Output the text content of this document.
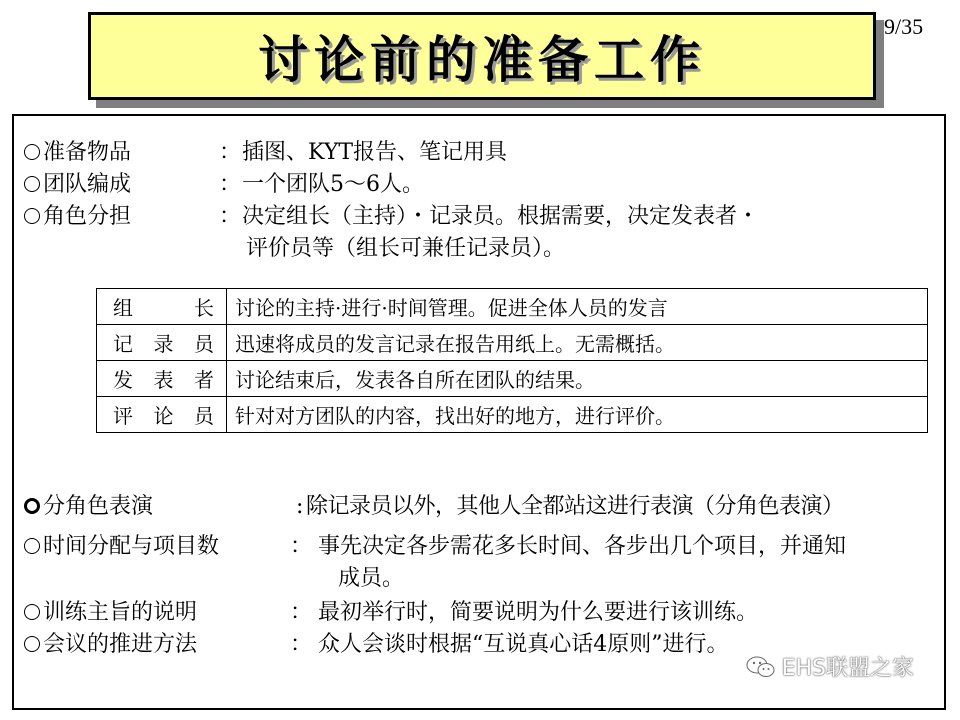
讨论前的准备工作
9/35
准备物品	： 插图、KYT报告、笔记用具
团队编成	： 一个团队5～6人。
角色分担	： 决定组长（主持）・记录员。根据需要，决定发表者・
评价员等（组长可兼任记录员）。
组长	讨论的主持·进行·时间管理。促进全体人员的发言
记录员	迅速将成员的发言记录在报告用纸上。无需概括。
发表者	讨论结束后，发表各自所在团队的结果。
评论员	针对对方团队的内容，找出好的地方，进行评价。
分角色表演	: 除记录员以外，其他人全都站这进行表演（分角色表演）
时间分配与项目数	： 事先决定各步需花多长时间、各步出几个项目，并通知
成员。
训练主旨的说明	： 最初举行时，简要说明为什么要进行该训练。
会议的推进方法	： 众人会谈时根据“互说真心话4原则”进行。
EHS联盟之家
